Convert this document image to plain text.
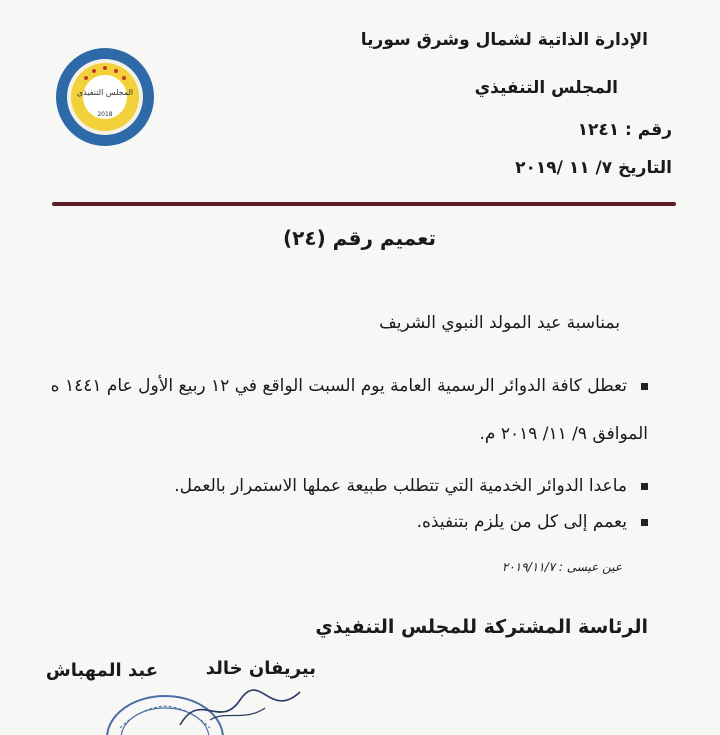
المجلس التنفيذي
2018
الإدارة الذاتية لشمال وشرق سوريا
المجلس التنفيذي
رقم : ١٢٤١
التاريخ ٧/ ١١ /٢٠١٩
تعميم رقم (٢٤)
بمناسبة عيد المولد النبوي الشريف
تعطل كافة الدوائر الرسمية العامة يوم السبت الواقع في ١٢ ربيع الأول عام ١٤٤١ ه
الموافق ٩/ ١١/ ٢٠١٩ م.
ماعدا الدوائر الخدمية التي تتطلب طبيعة عملها الاستمرار بالعمل.
يعمم إلى كل من يلزم بتنفيذه.
عين عيسى : ٢٠١٩/١١/٧
الرئاسة المشتركة للمجلس التنفيذي
بيريفان خالد
عبد المهباش
